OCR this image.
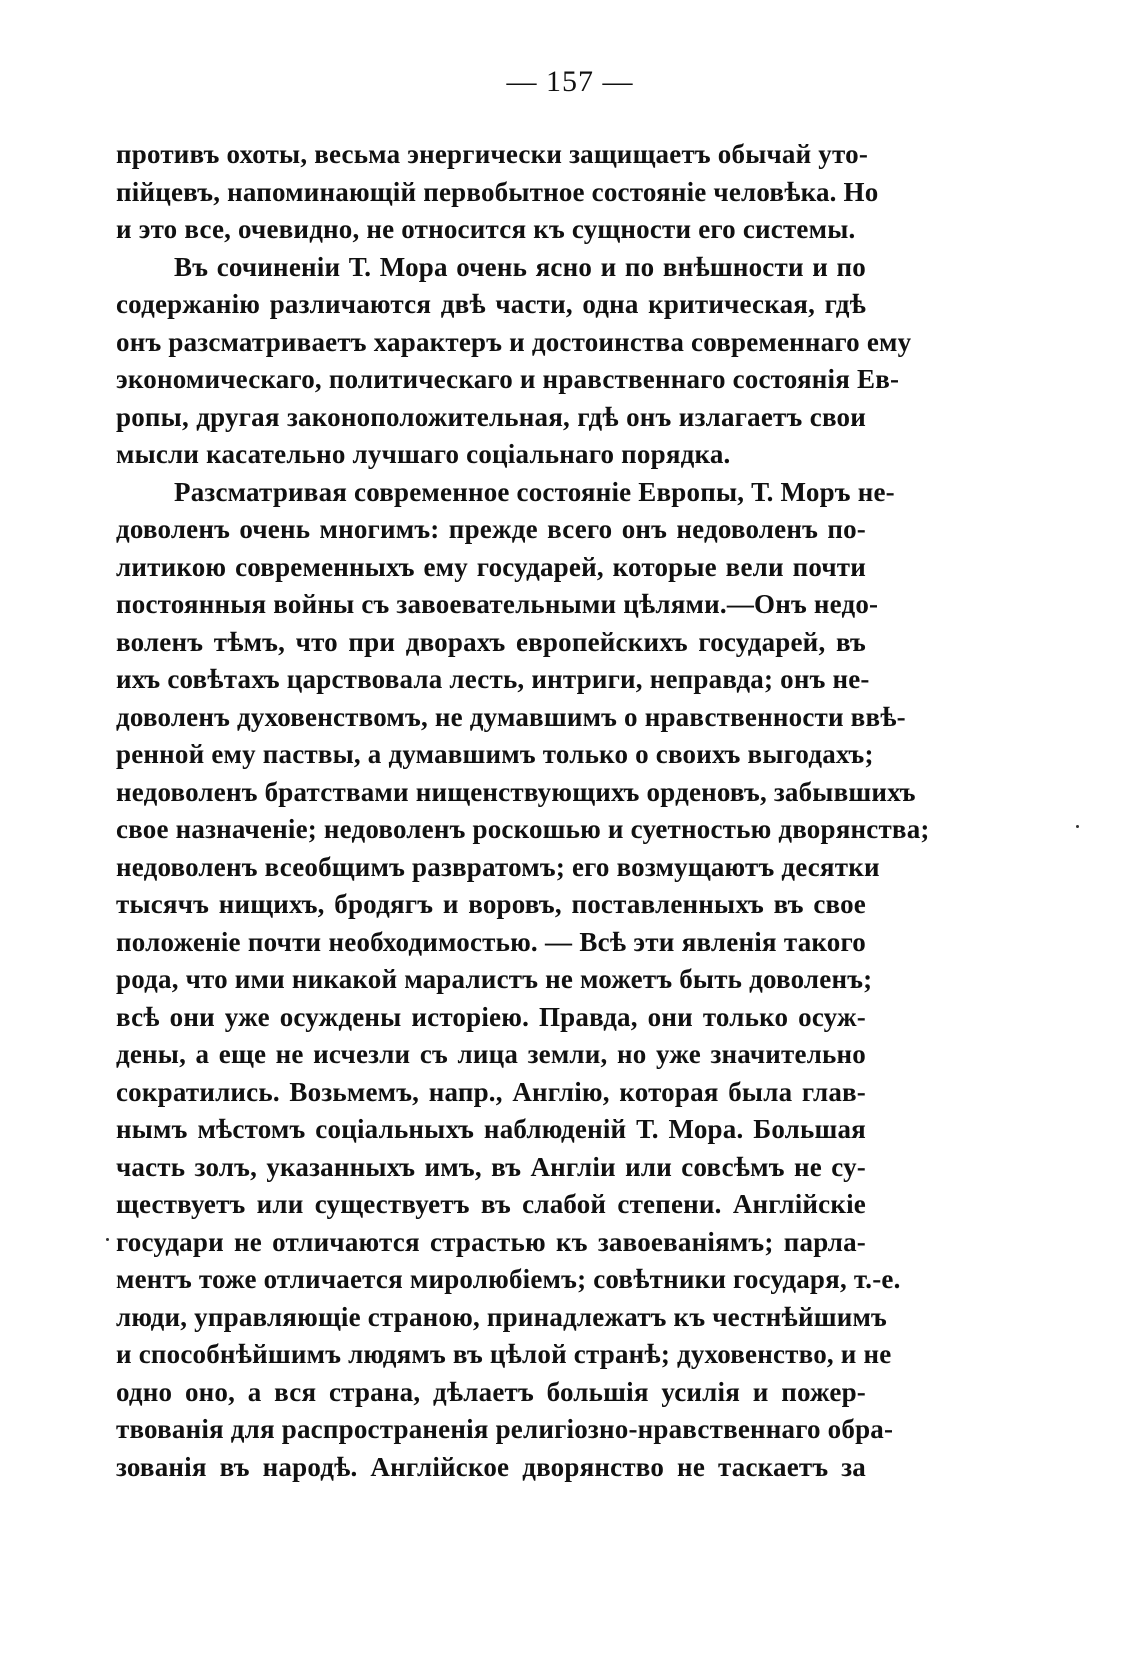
— 157 —
противъ охоты, весьма энергически защищаетъ обычай уто-
пійцевъ, напоминающій первобытное состояніе человѣка. Но
и это все, очевидно, не относится къ сущности его системы.
Въ сочиненіи Т. Мора очень ясно и по внѣшности и по
содержанію различаются двѣ части, одна критическая, гдѣ
онъ разсматриваетъ характеръ и достоинства современнаго ему
экономическаго, политическаго и нравственнаго состоянія Ев-
ропы, другая законоположительная, гдѣ онъ излагаетъ свои
мысли касательно лучшаго соціальнаго порядка.
Разсматривая современное состояніе Европы, Т. Моръ не-
доволенъ очень многимъ: прежде всего онъ недоволенъ по-
литикою современныхъ ему государей, которые вели почти
постоянныя войны съ завоевательными цѣлями.—Онъ недо-
воленъ тѣмъ, что при дворахъ европейскихъ государей, въ
ихъ совѣтахъ царствовала лесть, интриги, неправда; онъ не-
доволенъ духовенствомъ, не думавшимъ о нравственности ввѣ-
ренной ему паствы, а думавшимъ только о своихъ выгодахъ;
недоволенъ братствами нищенствующихъ орденовъ, забывшихъ
свое назначеніе; недоволенъ роскошью и суетностью дворянства;
недоволенъ всеобщимъ развратомъ; его возмущаютъ десятки
тысячъ нищихъ, бродягъ и воровъ, поставленныхъ въ свое
положеніе почти необходимостью. — Всѣ эти явленія такого
рода, что ими никакой маралистъ не можетъ быть доволенъ;
всѣ они уже осуждены исторіею. Правда, они только осуж-
дены, а еще не исчезли съ лица земли, но уже значительно
сократились. Возьмемъ, напр., Англію, которая была глав-
нымъ мѣстомъ соціальныхъ наблюденій Т. Мора. Большая
часть золъ, указанныхъ имъ, въ Англіи или совсѣмъ не су-
ществуетъ или существуетъ въ слабой степени. Англійскіе
государи не отличаются страстью къ завоеваніямъ; парла-
ментъ тоже отличается миролюбіемъ; совѣтники государя, т.-е.
люди, управляющіе страною, принадлежатъ къ честнѣйшимъ
и способнѣйшимъ людямъ въ цѣлой странѣ; духовенство, и не
одно оно, а вся страна, дѣлаетъ большія усилія и пожер-
твованія для распространенія религіозно-нравственнаго обра-
зованія въ народѣ. Англійское дворянство не таскаетъ за
